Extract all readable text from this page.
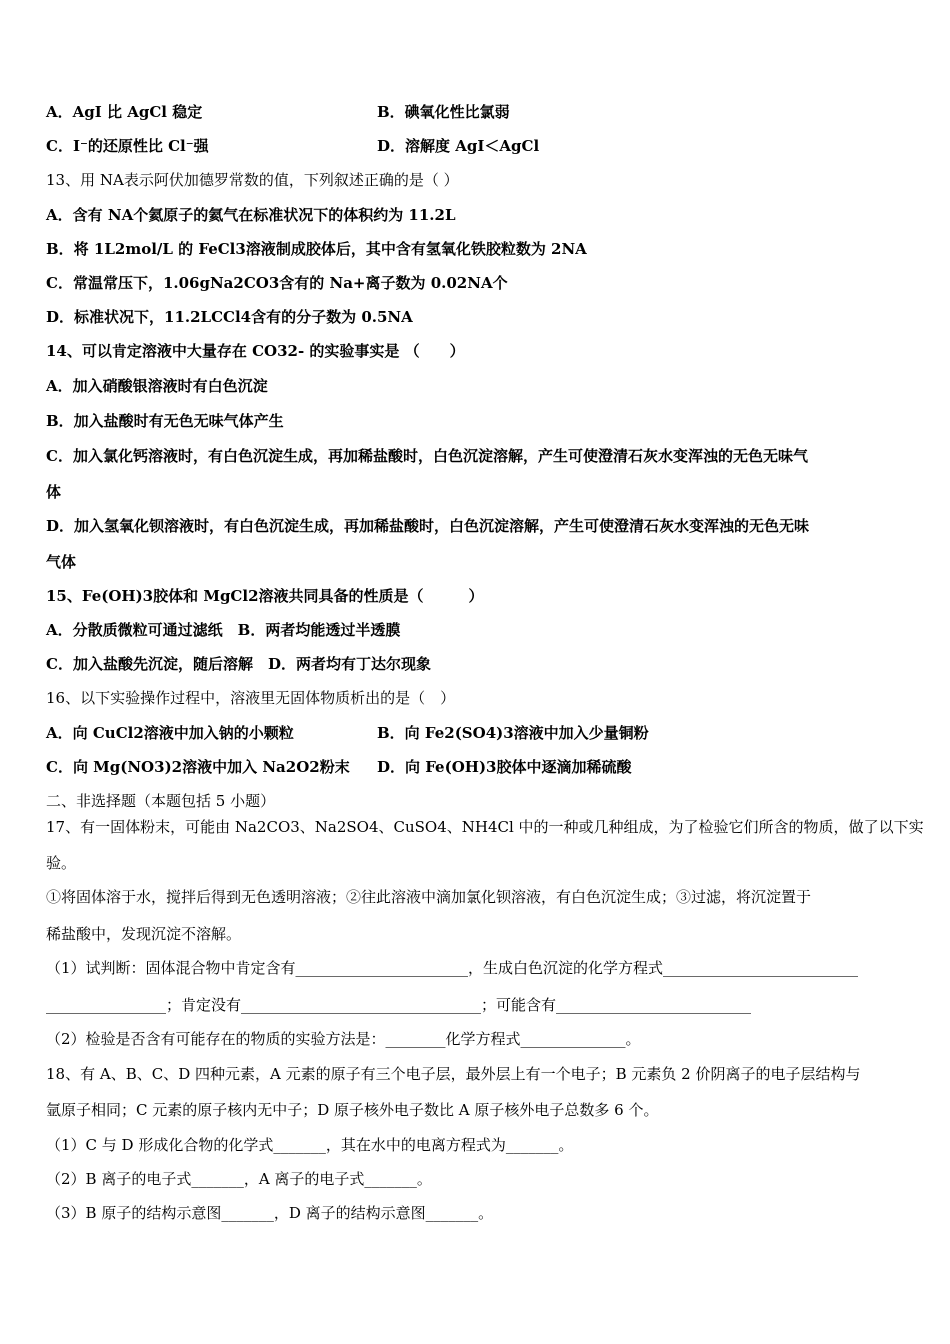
A．AgI 比 AgCl 稳定	B．碘氧化性比氯弱
C．I⁻的还原性比 Cl⁻强	D．溶解度 AgI＜AgCl
13、用 NA表示阿伏加德罗常数的值，下列叙述正确的是（ ）
A．含有 NA个氦原子的氦气在标准状况下的体积约为 11.2L
B．将 1L2mol/L 的 FeCl3溶液制成胶体后，其中含有氢氧化铁胶粒数为 2NA
C．常温常压下，1.06gNa2CO3含有的 Na+离子数为 0.02NA个
D．标准状况下，11.2LCCl4含有的分子数为 0.5NA
14、可以肯定溶液中大量存在 CO32- 的实验事实是 （　　）
A．加入硝酸银溶液时有白色沉淀
B．加入盐酸时有无色无味气体产生
C．加入氯化钙溶液时，有白色沉淀生成，再加稀盐酸时，白色沉淀溶解，产生可使澄清石灰水变浑浊的无色无味气
体
D．加入氢氧化钡溶液时，有白色沉淀生成，再加稀盐酸时，白色沉淀溶解，产生可使澄清石灰水变浑浊的无色无味
气体
15、Fe(OH)3胶体和 MgCl2溶液共同具备的性质是（　　　）
A．分散质微粒可通过滤纸　B．两者均能透过半透膜
C．加入盐酸先沉淀，随后溶解　D．两者均有丁达尔现象
16、以下实验操作过程中，溶液里无固体物质析出的是（　）
A．向 CuCl2溶液中加入钠的小颗粒	B．向 Fe2(SO4)3溶液中加入少量铜粉
C．向 Mg(NO3)2溶液中加入 Na2O2粉末 D．向 Fe(OH)3胶体中逐滴加稀硫酸
二、非选择题（本题包括 5 小题）
17、有一固体粉末，可能由 Na2CO3、Na2SO4、CuSO4、NH4Cl 中的一种或几种组成，为了检验它们所含的物质，做了以下实
验。
①将固体溶于水，搅拌后得到无色透明溶液；②往此溶液中滴加氯化钡溶液，有白色沉淀生成；③过滤，将沉淀置于
稀盐酸中，发现沉淀不溶解。
（1）试判断：固体混合物中肯定含有_______________________，生成白色沉淀的化学方程式__________________________
________________；肯定没有________________________________；可能含有__________________________
（2）检验是否含有可能存在的物质的实验方法是：________化学方程式______________。
18、有 A、B、C、D 四种元素，A 元素的原子有三个电子层，最外层上有一个电子；B 元素负 2 价阴离子的电子层结构与
氩原子相同；C 元素的原子核内无中子；D 原子核外电子数比 A 原子核外电子总数多 6 个。
（1）C 与 D 形成化合物的化学式_______，其在水中的电离方程式为_______。
（2）B 离子的电子式_______，A 离子的电子式_______。
（3）B 原子的结构示意图_______，D 离子的结构示意图_______。
